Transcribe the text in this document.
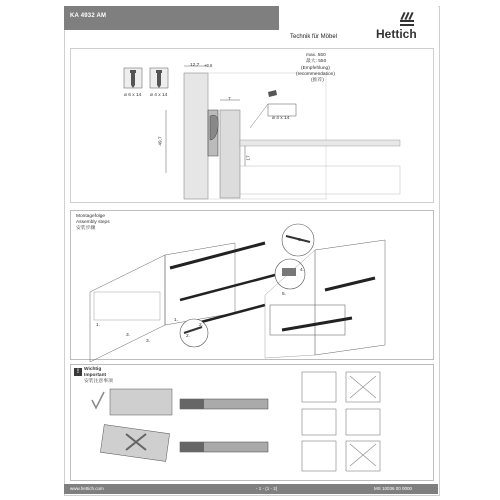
KA 4932 AM
Hettich
Technik für Möbel
ø 6 x 14 ø 4 x 14
ø 4 x 14
12,7 +0,6
7
49,7
17
max. 550
最大: 550
(Empfehlung)
(recommendation)
(推荐)
Montagefolge
Assembly steps
安装步骤
1.
2.
3.
3.
4.
5.
6.
1.
2.
!	Wichtig
Important
安装注意事项
www.hettich.com	- 1 - (1 - 2)	MS 10036 00 0000
